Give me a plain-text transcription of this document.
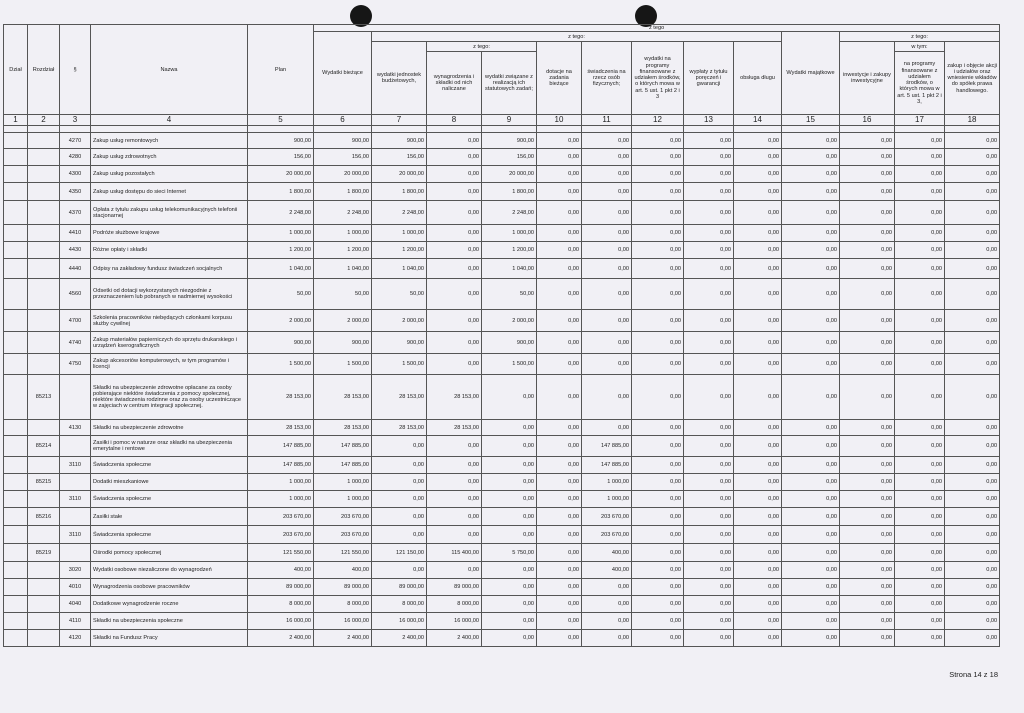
Dział	Rozdział	§	Nazwa	Plan	z tego												
					Wydatki bieżące	z tego:								Wydatki majątkowe	z tego:		
						wydatki jednostek budżetowych,	z tego:		dotacje na zadania bieżące	świadczenia na rzecz osób fizycznych;	wydatki na programy finansowane z udziałem środków, o których mowa w art. 5 ust. 1 pkt 2 i 3	wypłaty z tytułu poręczeń i gwarancji	obsługa długu		inwestycje i zakupy inwestycyjne	w tym:	zakup i objęcie akcji i udziałów oraz wniesienie wkładów do spółek prawa handlowego.
							wynagrodzenia i składki od nich naliczane	wydatki związane z realizacją ich statutowych zadań;								na programy finansowane z udziałem środków, o których mowa w art. 5 ust. 1 pkt 2 i 3,	
1	2	3	4	5	6	7	8	9	10	11	12	13	14	15	16	17	18

		4270	Zakup usług remontowych	900,00	900,00	900,00	0,00	900,00	0,00	0,00	0,00	0,00	0,00	0,00	0,00	0,00	0,00
		4280	Zakup usług zdrowotnych	156,00	156,00	156,00	0,00	156,00	0,00	0,00	0,00	0,00	0,00	0,00	0,00	0,00	0,00
		4300	Zakup usług pozostałych	20 000,00	20 000,00	20 000,00	0,00	20 000,00	0,00	0,00	0,00	0,00	0,00	0,00	0,00	0,00	0,00
		4350	Zakup usług dostępu do sieci Internet	1 800,00	1 800,00	1 800,00	0,00	1 800,00	0,00	0,00	0,00	0,00	0,00	0,00	0,00	0,00	0,00
		4370	Opłata z tytułu zakupu usług telekomunikacyjnych telefonii stacjonarnej	2 248,00	2 248,00	2 248,00	0,00	2 248,00	0,00	0,00	0,00	0,00	0,00	0,00	0,00	0,00	0,00
		4410	Podróże służbowe krajowe	1 000,00	1 000,00	1 000,00	0,00	1 000,00	0,00	0,00	0,00	0,00	0,00	0,00	0,00	0,00	0,00
		4430	Różne opłaty i składki	1 200,00	1 200,00	1 200,00	0,00	1 200,00	0,00	0,00	0,00	0,00	0,00	0,00	0,00	0,00	0,00
		4440	Odpisy na zakładowy fundusz świadczeń socjalnych	1 040,00	1 040,00	1 040,00	0,00	1 040,00	0,00	0,00	0,00	0,00	0,00	0,00	0,00	0,00	0,00
		4560	Odsetki od dotacji wykorzystanych niezgodnie z przeznaczeniem lub pobranych w nadmiernej wysokości	50,00	50,00	50,00	0,00	50,00	0,00	0,00	0,00	0,00	0,00	0,00	0,00	0,00	0,00
		4700	Szkolenia pracowników niebędących członkami korpusu służby cywilnej	2 000,00	2 000,00	2 000,00	0,00	2 000,00	0,00	0,00	0,00	0,00	0,00	0,00	0,00	0,00	0,00
		4740	Zakup materiałów papierniczych do sprzętu drukarskiego i urządzeń kserograficznych	900,00	900,00	900,00	0,00	900,00	0,00	0,00	0,00	0,00	0,00	0,00	0,00	0,00	0,00
		4750	Zakup akcesoriów komputerowych, w tym programów i licencji	1 500,00	1 500,00	1 500,00	0,00	1 500,00	0,00	0,00	0,00	0,00	0,00	0,00	0,00	0,00	0,00
	85213		Składki na ubezpieczenie zdrowotne opłacane za osoby pobierające niektóre świadczenia z pomocy społecznej, niektóre świadczenia rodzinne oraz za osoby uczestniczące w zajęciach w centrum integracji społecznej.	28 153,00	28 153,00	28 153,00	28 153,00	0,00	0,00	0,00	0,00	0,00	0,00	0,00	0,00	0,00	0,00
		4130	Składki na ubezpieczenie zdrowotne	28 153,00	28 153,00	28 153,00	28 153,00	0,00	0,00	0,00	0,00	0,00	0,00	0,00	0,00	0,00	0,00
	85214		Zasiłki i pomoc w naturze oraz składki na ubezpieczenia emerytalne i rentowe	147 885,00	147 885,00	0,00	0,00	0,00	0,00	147 885,00	0,00	0,00	0,00	0,00	0,00	0,00	0,00
		3110	Świadczenia społeczne	147 885,00	147 885,00	0,00	0,00	0,00	0,00	147 885,00	0,00	0,00	0,00	0,00	0,00	0,00	0,00
	85215		Dodatki mieszkaniowe	1 000,00	1 000,00	0,00	0,00	0,00	0,00	1 000,00	0,00	0,00	0,00	0,00	0,00	0,00	0,00
		3110	Świadczenia społeczne	1 000,00	1 000,00	0,00	0,00	0,00	0,00	1 000,00	0,00	0,00	0,00	0,00	0,00	0,00	0,00
	85216		Zasiłki stałe	203 670,00	203 670,00	0,00	0,00	0,00	0,00	203 670,00	0,00	0,00	0,00	0,00	0,00	0,00	0,00
		3110	Świadczenia społeczne	203 670,00	203 670,00	0,00	0,00	0,00	0,00	203 670,00	0,00	0,00	0,00	0,00	0,00	0,00	0,00
	85219		Ośrodki pomocy społecznej	121 550,00	121 550,00	121 150,00	115 400,00	5 750,00	0,00	400,00	0,00	0,00	0,00	0,00	0,00	0,00	0,00
		3020	Wydatki osobowe niezaliczone do wynagrodzeń	400,00	400,00	0,00	0,00	0,00	0,00	400,00	0,00	0,00	0,00	0,00	0,00	0,00	0,00
		4010	Wynagrodzenia osobowe pracowników	89 000,00	89 000,00	89 000,00	89 000,00	0,00	0,00	0,00	0,00	0,00	0,00	0,00	0,00	0,00	0,00
		4040	Dodatkowe wynagrodzenie roczne	8 000,00	8 000,00	8 000,00	8 000,00	0,00	0,00	0,00	0,00	0,00	0,00	0,00	0,00	0,00	0,00
		4110	Składki na ubezpieczenia społeczne	16 000,00	16 000,00	16 000,00	16 000,00	0,00	0,00	0,00	0,00	0,00	0,00	0,00	0,00	0,00	0,00
		4120	Składki na Fundusz Pracy	2 400,00	2 400,00	2 400,00	2 400,00	0,00	0,00	0,00	0,00	0,00	0,00	0,00	0,00	0,00	0,00
Strona 14 z 18
